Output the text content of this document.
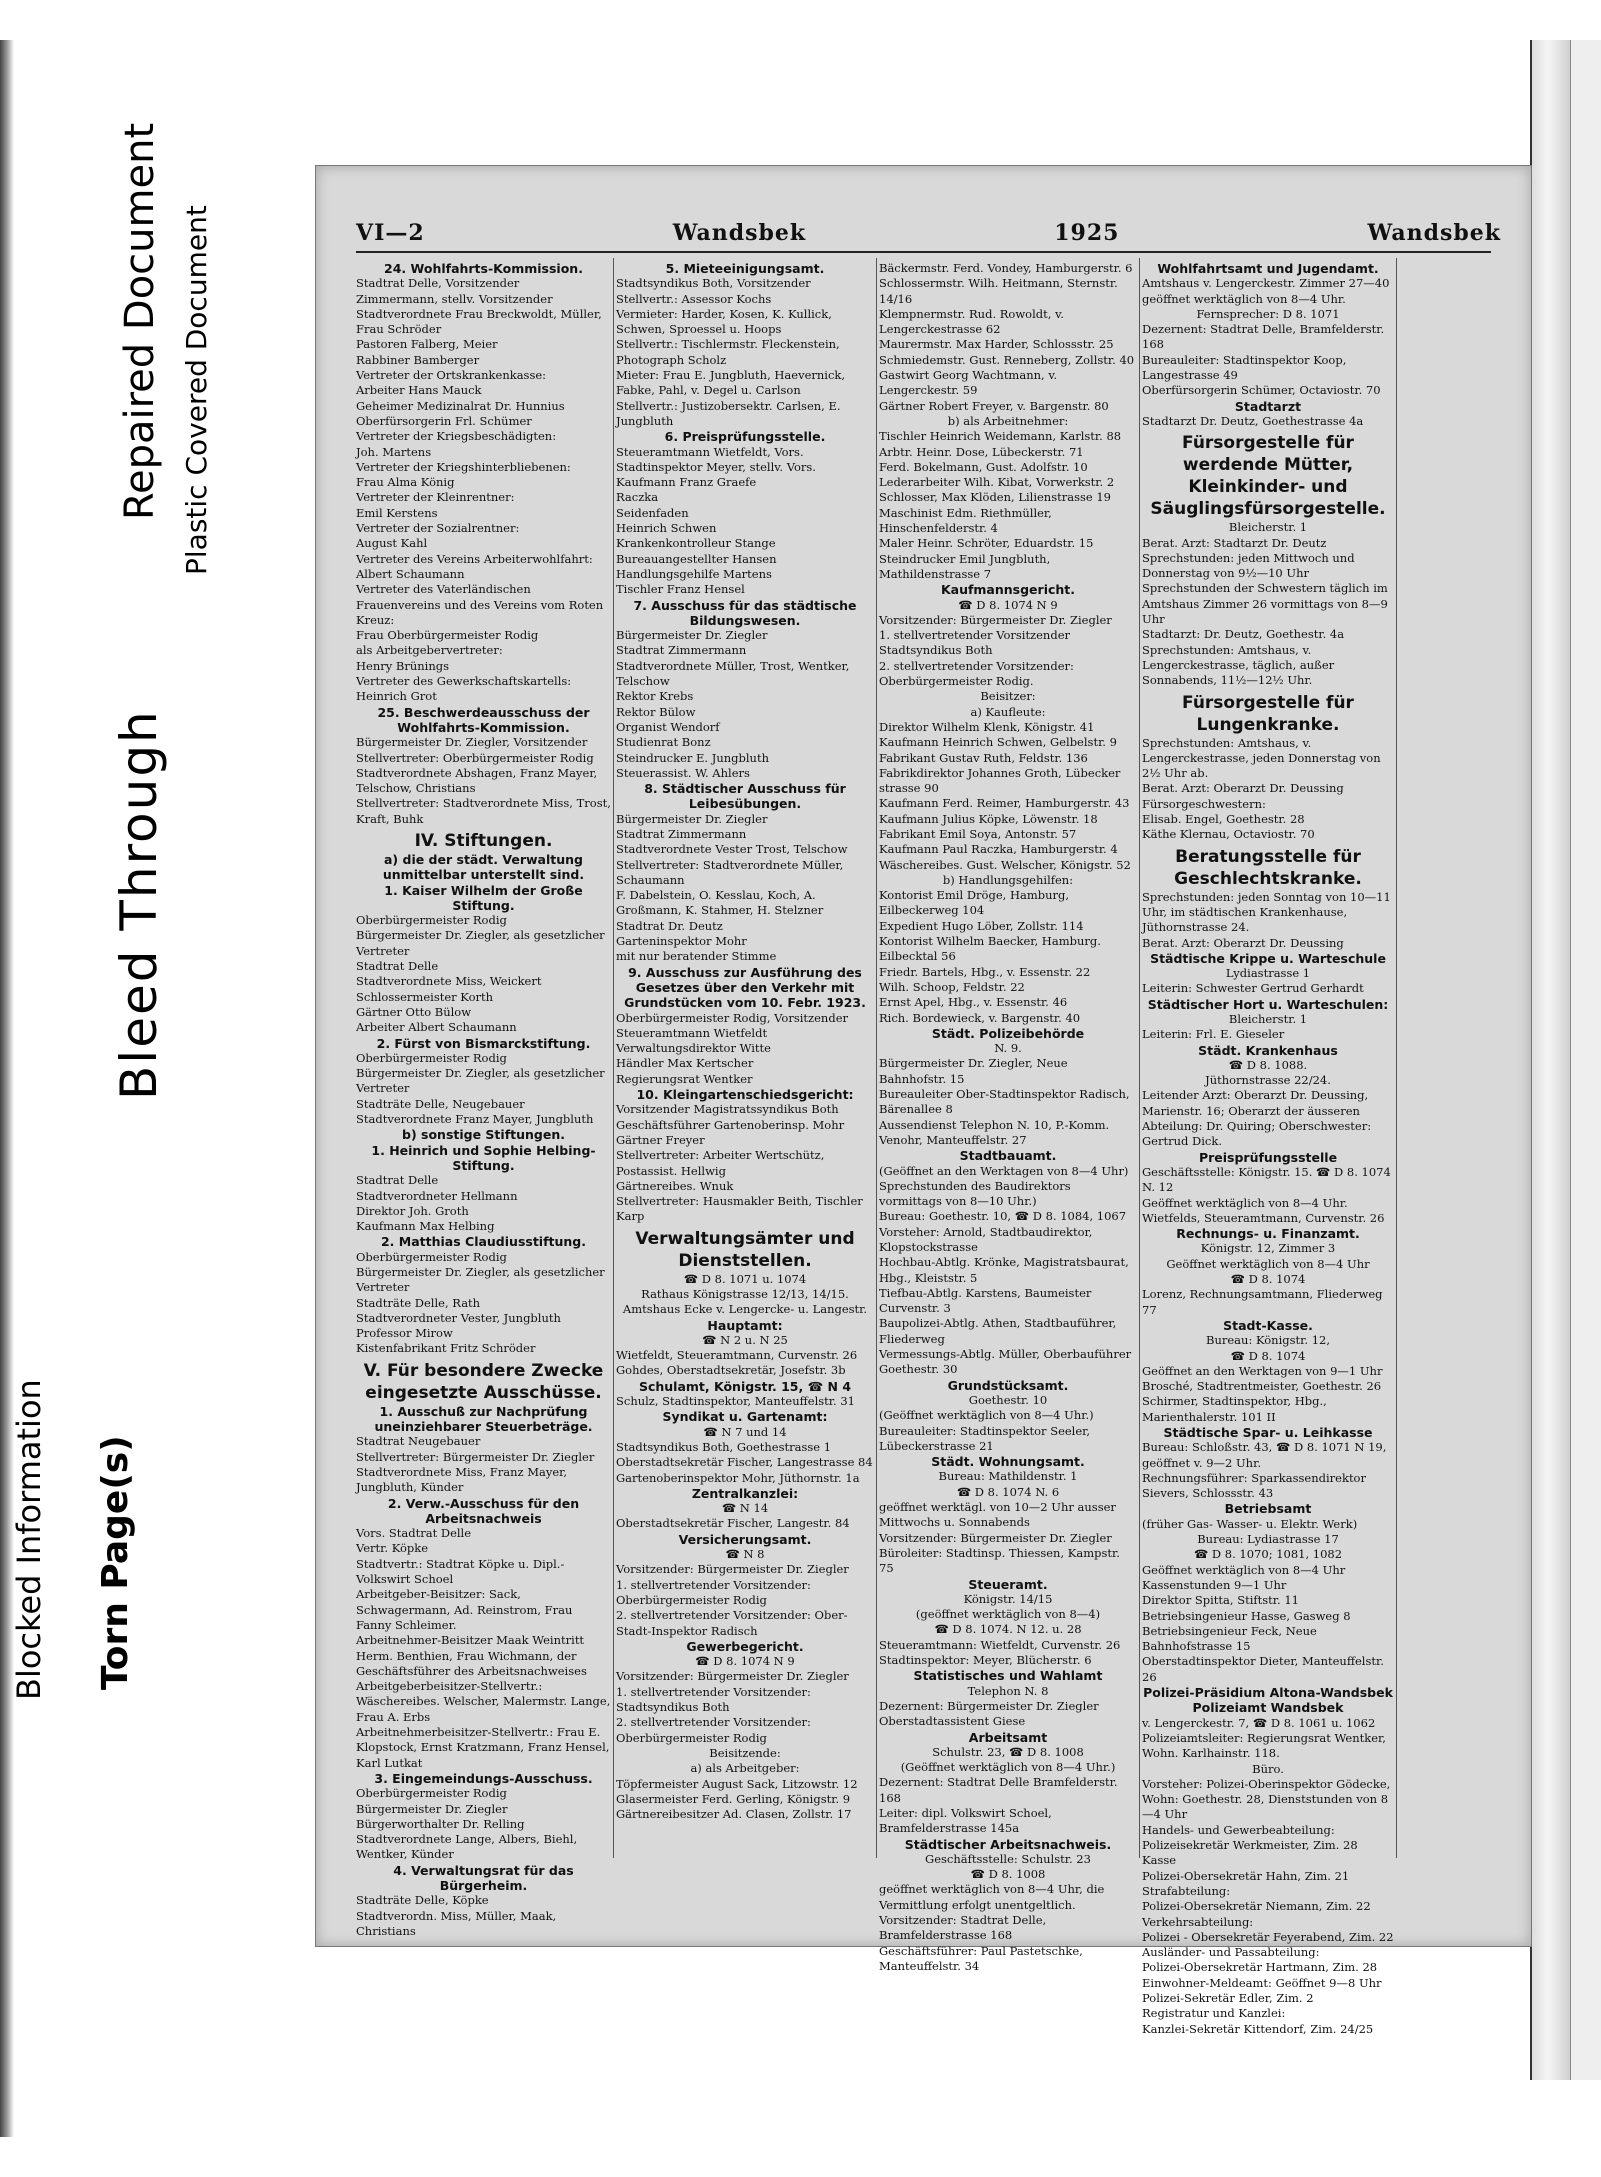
Torn Page(s)
Blocked Information
Bleed Through
Repaired Document Plastic Covered Document	VI—2	Wandsbek	1925	Wandsbek

24. Wohlfahrts-Kommission.

Stadtrat Delle, Vorsitzender

Zimmermann, stellv. Vorsitzender

Stadtverordnete Frau Breckwoldt, Müller, Frau Schröder

Pastoren Falberg, Meier

Rabbiner Bamberger

Vertreter der Ortskrankenkasse:

Arbeiter Hans Mauck

Geheimer Medizinalrat Dr. Hunnius

Oberfürsorgerin Frl. Schümer

Vertreter der Kriegsbeschädigten:

Joh. Martens

Vertreter der Kriegshinterbliebenen:

Frau Alma König

Vertreter der Kleinrentner:

Emil Kerstens

Vertreter der Sozialrentner:

August Kahl

Vertreter des Vereins Arbeiterwohlfahrt:

Albert Schaumann

Vertreter des Vaterländischen Frauenvereins und des Vereins vom Roten Kreuz:

Frau Oberbürgermeister Rodig

als Arbeitgebervertreter:

Henry Brünings

Vertreter des Gewerkschaftskartells:

Heinrich Grot

25. Beschwerdeausschuss der Wohlfahrts-Kommission.

Bürgermeister Dr. Ziegler, Vorsitzender

Stellvertreter: Oberbürgermeister Rodig

Stadtverordnete Abshagen, Franz Mayer, Telschow, Christians

Stellvertreter: Stadtverordnete Miss, Trost, Kraft, Buhk

IV. Stiftungen.

a) die der städt. Verwaltung unmittelbar unterstellt sind.

1. Kaiser Wilhelm der Große Stiftung.

Oberbürgermeister Rodig

Bürgermeister Dr. Ziegler, als gesetzlicher Vertreter

Stadtrat Delle

Stadtverordnete Miss, Weickert

Schlossermeister Korth

Gärtner Otto Bülow

Arbeiter Albert Schaumann

2. Fürst von Bismarckstiftung.

Oberbürgermeister Rodig

Bürgermeister Dr. Ziegler, als gesetzlicher Vertreter

Stadträte Delle, Neugebauer

Stadtverordnete Franz Mayer, Jungbluth

b) sonstige Stiftungen.

1. Heinrich und Sophie Helbing-Stiftung.

Stadtrat Delle

Stadtverordneter Hellmann

Direktor Joh. Groth

Kaufmann Max Helbing

2. Matthias Claudiusstiftung.

Oberbürgermeister Rodig

Bürgermeister Dr. Ziegler, als gesetzlicher Vertreter

Stadträte Delle, Rath

Stadtverordneter Vester, Jungbluth

Professor Mirow

Kistenfabrikant Fritz Schröder

V. Für besondere Zwecke eingesetzte Ausschüsse.

1. Ausschuß zur Nachprüfung uneinziehbarer Steuerbeträge.

Stadtrat Neugebauer

Stellvertreter: Bürgermeister Dr. Ziegler

Stadtverordnete Miss, Franz Mayer, Jungbluth, Künder

2. Verw.-Ausschuss für den Arbeitsnachweis

Vors. Stadtrat Delle

Vertr. Köpke

Stadtvertr.: Stadtrat Köpke u. Dipl.-Volkswirt Schoel

Arbeitgeber-Beisitzer: Sack, Schwagermann, Ad. Reinstrom, Frau Fanny Schleimer.

Arbeitnehmer-Beisitzer Maak Weintritt Herm. Benthien, Frau Wichmann, der Geschäftsführer des Arbeitsnachweises

Arbeitgeberbeisitzer-Stellvertr.: Wäschereibes. Welscher, Malermstr. Lange, Frau A. Erbs

Arbeitnehmerbeisitzer-Stellvertr.: Frau E. Klopstock, Ernst Kratzmann, Franz Hensel, Karl Lutkat

3. Eingemeindungs-Ausschuss.

Oberbürgermeister Rodig

Bürgermeister Dr. Ziegler

Bürgerworthalter Dr. Relling

Stadtverordnete Lange, Albers, Biehl, Wentker, Künder

4. Verwaltungsrat für das Bürgerheim.

Stadträte Delle, Köpke

Stadtverordn. Miss, Müller, Maak, Christians

5. Mieteeinigungsamt.

Stadtsyndikus Both, Vorsitzender

Stellvertr.: Assessor Kochs

Vermieter: Harder, Kosen, K. Kullick, Schwen, Sproessel u. Hoops

Stellvertr.: Tischlermstr. Fleckenstein, Photograph Scholz

Mieter: Frau E. Jungbluth, Haevernick, Fabke, Pahl, v. Degel u. Carlson

Stellvertr.: Justizobersektr. Carlsen, E. Jungbluth

6. Preisprüfungsstelle.

Steueramtmann Wietfeldt, Vors.

Stadtinspektor Meyer, stellv. Vors.

Kaufmann Franz Graefe

Raczka

Seidenfaden

Heinrich Schwen

Krankenkontrolleur Stange

Bureauangestellter Hansen

Handlungsgehilfe Martens

Tischler Franz Hensel

7. Ausschuss für das städtische Bildungswesen.

Bürgermeister Dr. Ziegler

Stadtrat Zimmermann

Stadtverordnete Müller, Trost, Wentker, Telschow

Rektor Krebs

Rektor Bülow

Organist Wendorf

Studienrat Bonz

Steindrucker E. Jungbluth

Steuerassist. W. Ahlers

8. Städtischer Ausschuss für Leibesübungen.

Bürgermeister Dr. Ziegler

Stadtrat Zimmermann

Stadtverordnete Vester Trost, Telschow

Stellvertreter: Stadtverordnete Müller, Schaumann

F. Dabelstein, O. Kesslau, Koch, A. Großmann, K. Stahmer, H. Stelzner

Stadtrat Dr. Deutz

Garteninspektor Mohr

mit nur beratender Stimme

9. Ausschuss zur Ausführung des Gesetzes über den Verkehr mit Grundstücken vom 10. Febr. 1923.

Oberbürgermeister Rodig, Vorsitzender

Steueramtmann Wietfeldt

Verwaltungsdirektor Witte

Händler Max Kertscher

Regierungsrat Wentker

10. Kleingartenschiedsgericht:

Vorsitzender Magistratssyndikus Both

Geschäftsführer Gartenoberinsp. Mohr

Gärtner Freyer

Stellvertreter: Arbeiter Wertschütz, Postassist. Hellwig

Gärtnereibes. Wnuk

Stellvertreter: Hausmakler Beith, Tischler Karp

Verwaltungsämter und Dienststellen.

☎ D 8. 1071 u. 1074

Rathaus Königstrasse 12/13, 14/15.

Amtshaus Ecke v. Lengercke- u. Langestr.

Hauptamt:

☎ N 2 u. N 25

Wietfeldt, Steueramtmann, Curvenstr. 26

Gohdes, Oberstadtsekretär, Josefstr. 3b

Schulamt, Königstr. 15, ☎ N 4

Schulz, Stadtinspektor, Manteuffelstr. 31

Syndikat u. Gartenamt:

☎ N 7 und 14

Stadtsyndikus Both, Goethestrasse 1

Oberstadtsekretär Fischer, Langestrasse 84

Gartenoberinspektor Mohr, Jüthornstr. 1a

Zentralkanzlei:

☎ N 14

Oberstadtsekretär Fischer, Langestr. 84

Versicherungsamt.

☎ N 8

Vorsitzender: Bürgermeister Dr. Ziegler

1. stellvertretender Vorsitzender: Oberbürgermeister Rodig

2. stellvertretender Vorsitzender: Ober-Stadt-Inspektor Radisch

Gewerbegericht.

☎ D 8. 1074 N 9

Vorsitzender: Bürgermeister Dr. Ziegler

1. stellvertretender Vorsitzender: Stadtsyndikus Both

2. stellvertretender Vorsitzender: Oberbürgermeister Rodig

Beisitzende:

a) als Arbeitgeber:

Töpfermeister August Sack, Litzowstr. 12

Glasermeister Ferd. Gerling, Königstr. 9

Gärtnereibesitzer Ad. Clasen, Zollstr. 17

Bäckermstr. Ferd. Vondey, Hamburgerstr. 6

Schlossermstr. Wilh. Heitmann, Sternstr. 14/16

Klempnermstr. Rud. Rowoldt, v. Lengerckestrasse 62

Maurermstr. Max Harder, Schlossstr. 25

Schmiedemstr. Gust. Renneberg, Zollstr. 40

Gastwirt Georg Wachtmann, v. Lengerckestr. 59

Gärtner Robert Freyer, v. Bargenstr. 80

b) als Arbeitnehmer:

Tischler Heinrich Weidemann, Karlstr. 88

Arbtr. Heinr. Dose, Lübeckerstr. 71

Ferd. Bokelmann, Gust. Adolfstr. 10

Lederarbeiter Wilh. Kibat, Vorwerkstr. 2

Schlosser, Max Klöden, Lilienstrasse 19

Maschinist Edm. Riethmüller, Hinschenfelderstr. 4

Maler Heinr. Schröter, Eduardstr. 15

Steindrucker Emil Jungbluth, Mathildenstrasse 7

Kaufmannsgericht.

☎ D 8. 1074 N 9

Vorsitzender: Bürgermeister Dr. Ziegler

1. stellvertretender Vorsitzender Stadtsyndikus Both

2. stellvertretender Vorsitzender: Oberbürgermeister Rodig.

Beisitzer:

a) Kaufleute:

Direktor Wilhelm Klenk, Königstr. 41

Kaufmann Heinrich Schwen, Gelbelstr. 9

Fabrikant Gustav Ruth, Feldstr. 136

Fabrikdirektor Johannes Groth, Lübecker strasse 90

Kaufmann Ferd. Reimer, Hamburgerstr. 43

Kaufmann Julius Köpke, Löwenstr. 18

Fabrikant Emil Soya, Antonstr. 57

Kaufmann Paul Raczka, Hamburgerstr. 4

Wäschereibes. Gust. Welscher, Königstr. 52

b) Handlungsgehilfen:

Kontorist Emil Dröge, Hamburg, Eilbeckerweg 104

Expedient Hugo Löber, Zollstr. 114

Kontorist Wilhelm Baecker, Hamburg. Eilbecktal 56

Friedr. Bartels, Hbg., v. Essenstr. 22

Wilh. Schoop, Feldstr. 22

Ernst Apel, Hbg., v. Essenstr. 46

Rich. Bordewieck, v. Bargenstr. 40

Städt. Polizeibehörde

N. 9.

Bürgermeister Dr. Ziegler, Neue Bahnhofstr. 15

Bureauleiter Ober-Stadtinspektor Radisch, Bärenallee 8

Aussendienst Telephon N. 10, P.-Komm. Venohr, Manteuffelstr. 27

Stadtbauamt.

(Geöffnet an den Werktagen von 8—4 Uhr) Sprechstunden des Baudirektors vormittags von 8—10 Uhr.)

Bureau: Goethestr. 10, ☎ D 8. 1084, 1067

Vorsteher: Arnold, Stadtbaudirektor, Klopstockstrasse

Hochbau-Abtlg. Krönke, Magistratsbaurat, Hbg., Kleiststr. 5

Tiefbau-Abtlg. Karstens, Baumeister Curvenstr. 3

Baupolizei-Abtlg. Athen, Stadtbauführer, Fliederweg

Vermessungs-Abtlg. Müller, Oberbauführer Goethestr. 30

Grundstücksamt.

Goethestr. 10

(Geöffnet werktäglich von 8—4 Uhr.)

Bureauleiter: Stadtinspektor Seeler, Lübeckerstrasse 21

Städt. Wohnungsamt.

Bureau: Mathildenstr. 1

☎ D 8. 1074 N. 6

geöffnet werktägl. von 10—2 Uhr ausser Mittwochs u. Sonnabends

Vorsitzender: Bürgermeister Dr. Ziegler

Büroleiter: Stadtinsp. Thiessen, Kampstr. 75

Steueramt.

Königstr. 14/15

(geöffnet werktäglich von 8—4)

☎ D 8. 1074. N 12. u. 28

Steueramtmann: Wietfeldt, Curvenstr. 26

Stadtinspektor: Meyer, Blücherstr. 6

Statistisches und Wahlamt

Telephon N. 8

Dezernent: Bürgermeister Dr. Ziegler Oberstadtassistent Giese

Arbeitsamt

Schulstr. 23, ☎ D 8. 1008

(Geöffnet werktäglich von 8—4 Uhr.)

Dezernent: Stadtrat Delle Bramfelderstr. 168

Leiter: dipl. Volkswirt Schoel, Bramfelderstrasse 145a

Städtischer Arbeitsnachweis.

Geschäftsstelle: Schulstr. 23

☎ D 8. 1008

geöffnet werktäglich von 8—4 Uhr, die Vermittlung erfolgt unentgeltlich.

Vorsitzender: Stadtrat Delle, Bramfelderstrasse 168

Geschäftsführer: Paul Pastetschke, Manteuffelstr. 34

Wohlfahrtsamt und Jugendamt.

Amtshaus v. Lengerckestr. Zimmer 27—40 geöffnet werktäglich von 8—4 Uhr.

Fernsprecher: D 8. 1071

Dezernent: Stadtrat Delle, Bramfelderstr. 168

Bureauleiter: Stadtinspektor Koop, Langestrasse 49

Oberfürsorgerin Schümer, Octaviostr. 70

Stadtarzt

Stadtarzt Dr. Deutz, Goethestrasse 4a

Fürsorgestelle für werdende Mütter, Kleinkinder- und Säuglingsfürsorgestelle.

Bleicherstr. 1

Berat. Arzt: Stadtarzt Dr. Deutz

Sprechstunden: jeden Mittwoch und Donnerstag von 9½—10 Uhr

Sprechstunden der Schwestern täglich im Amtshaus Zimmer 26 vormittags von 8—9 Uhr

Stadtarzt: Dr. Deutz, Goethestr. 4a

Sprechstunden: Amtshaus, v. Lengerckestrasse, täglich, außer Sonnabends, 11½—12½ Uhr.

Fürsorgestelle für Lungenkranke.

Sprechstunden: Amtshaus, v. Lengerckestrasse, jeden Donnerstag von 2½ Uhr ab.

Berat. Arzt: Oberarzt Dr. Deussing

Fürsorgeschwestern:

Elisab. Engel, Goethestr. 28

Käthe Klernau, Octaviostr. 70

Beratungsstelle für Geschlechtskranke.

Sprechstunden: jeden Sonntag von 10—11 Uhr, im städtischen Krankenhause, Jüthornstrasse 24.

Berat. Arzt: Oberarzt Dr. Deussing

Städtische Krippe u. Warteschule

Lydiastrasse 1

Leiterin: Schwester Gertrud Gerhardt

Städtischer Hort u. Warteschulen:

Bleicherstr. 1

Leiterin: Frl. E. Gieseler

Städt. Krankenhaus

☎ D 8. 1088.

Jüthornstrasse 22/24.

Leitender Arzt: Oberarzt Dr. Deussing, Marienstr. 16; Oberarzt der äusseren Abteilung: Dr. Quiring; Oberschwester: Gertrud Dick.

Preisprüfungsstelle

Geschäftsstelle: Königstr. 15. ☎ D 8. 1074 N. 12

Geöffnet werktäglich von 8—4 Uhr.

Wietfelds, Steueramtmann, Curvenstr. 26

Rechnungs- u. Finanzamt.

Königstr. 12, Zimmer 3

Geöffnet werktäglich von 8—4 Uhr

☎ D 8. 1074

Lorenz, Rechnungsamtmann, Fliederweg 77

Stadt-Kasse.

Bureau: Königstr. 12,

☎ D 8. 1074

Geöffnet an den Werktagen von 9—1 Uhr

Brosché, Stadtrentmeister, Goethestr. 26

Schirmer, Stadtinspektor, Hbg., Marienthalerstr. 101 II

Städtische Spar- u. Leihkasse

Bureau: Schloßstr. 43, ☎ D 8. 1071 N 19, geöffnet v. 9—2 Uhr.

Rechnungsführer: Sparkassendirektor Sievers, Schlossstr. 43

Betriebsamt

(früher Gas- Wasser- u. Elektr. Werk)

Bureau: Lydiastrasse 17

☎ D 8. 1070; 1081, 1082

Geöffnet werktäglich von 8—4 Uhr Kassenstunden 9—1 Uhr

Direktor Spitta, Stiftstr. 11

Betriebsingenieur Hasse, Gasweg 8

Betriebsingenieur Feck, Neue Bahnhofstrasse 15

Oberstadtinspektor Dieter, Manteuffelstr. 26

Polizei-Präsidium Altona-Wandsbek

Polizeiamt Wandsbek

v. Lengerckestr. 7, ☎ D 8. 1061 u. 1062

Polizeiamtsleiter: Regierungsrat Wentker, Wohn. Karlhainstr. 118.

Büro.

Vorsteher: Polizei-Oberinspektor Gödecke, Wohn: Goethestr. 28, Dienststunden von 8—4 Uhr

Handels- und Gewerbeabteilung:

Polizeisekretär Werkmeister, Zim. 28

Kasse

Polizei-Obersekretär Hahn, Zim. 21

Strafabteilung:

Polizei-Obersekretär Niemann, Zim. 22

Verkehrsabteilung:

Polizei - Obersekretär Feyerabend, Zim. 22

Ausländer- und Passabteilung:

Polizei-Obersekretär Hartmann, Zim. 28

Einwohner-Meldeamt: Geöffnet 9—8 Uhr

Polizei-Sekretär Edler, Zim. 2

Registratur und Kanzlei:

Kanzlei-Sekretär Kittendorf, Zim. 24/25
